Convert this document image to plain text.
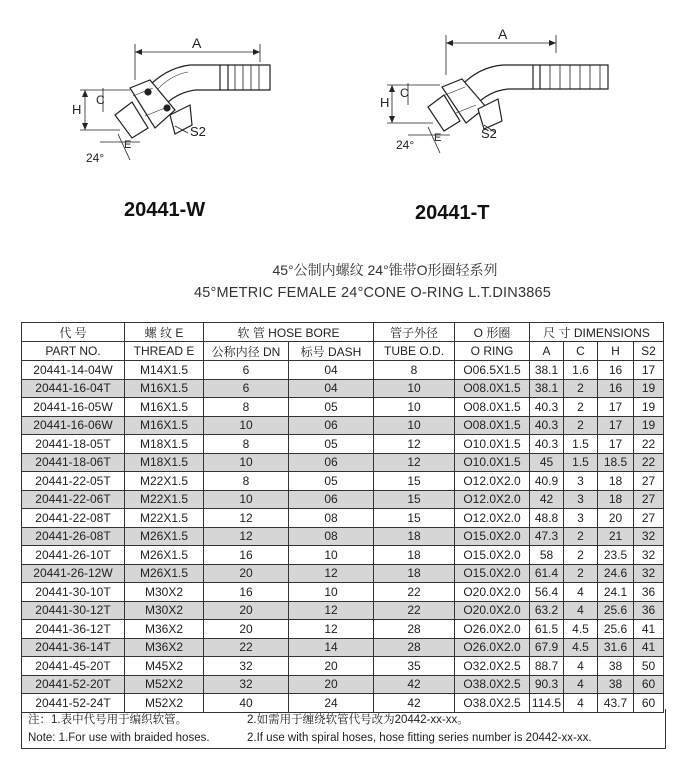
A
H
C
E
S2
24°
A
H
C
E	S2
24°
20441-W	20441-T
45°公制内螺纹 24°锥带O形圈轻系列
45°METRIC FEMALE 24°CONE O-RING L.T.DIN3865
代 号	螺 纹 E	软 管 HOSE BORE		管子外径	O 形圈	尺 寸 DIMENSIONS			
PART NO.	THREAD E	公称内径 DN	标号 DASH	TUBE O.D.	O RING	A	C	H	S2
20441-14-04W	M14X1.5	6	04	8	O06.5X1.5	38.1	1.6	16	17
20441-16-04T	M16X1.5	6	04	10	O08.0X1.5	38.1	2	16	19
20441-16-05W	M16X1.5	8	05	10	O08.0X1.5	40.3	2	17	19
20441-16-06W	M16X1.5	10	06	10	O08.0X1.5	40.3	2	17	19
20441-18-05T	M18X1.5	8	05	12	O10.0X1.5	40.3	1.5	17	22
20441-18-06T	M18X1.5	10	06	12	O10.0X1.5	45	1.5	18.5	22
20441-22-05T	M22X1.5	8	05	15	O12.0X2.0	40.9	3	18	27
20441-22-06T	M22X1.5	10	06	15	O12.0X2.0	42	3	18	27
20441-22-08T	M22X1.5	12	08	15	O12.0X2.0	48.8	3	20	27
20441-26-08T	M26X1.5	12	08	18	O15.0X2.0	47.3	2	21	32
20441-26-10T	M26X1.5	16	10	18	O15.0X2.0	58	2	23.5	32
20441-26-12W	M26X1.5	20	12	18	O15.0X2.0	61.4	2	24.6	32
20441-30-10T	M30X2	16	10	22	O20.0X2.0	56.4	4	24.1	36
20441-30-12T	M30X2	20	12	22	O20.0X2.0	63.2	4	25.6	36
20441-36-12T	M36X2	20	12	28	O26.0X2.0	61.5	4.5	25.6	41
20441-36-14T	M36X2	22	14	28	O26.0X2.0	67.9	4.5	31.6	41
20441-45-20T	M45X2	32	20	35	O32.0X2.5	88.7	4	38	50
20441-52-20T	M52X2	32	20	42	O38.0X2.5	90.3	4	38	60
20441-52-24T	M52X2	40	24	42	O38.0X2.5	114.5	4	43.7	60
注：1.表中代号用于编织软管。	2.如需用于缠绕软管代号改为20442-xx-xx。
Note: 1.For use with braided hoses.	2.If use with spiral hoses, hose fitting series number is 20442-xx-xx.
